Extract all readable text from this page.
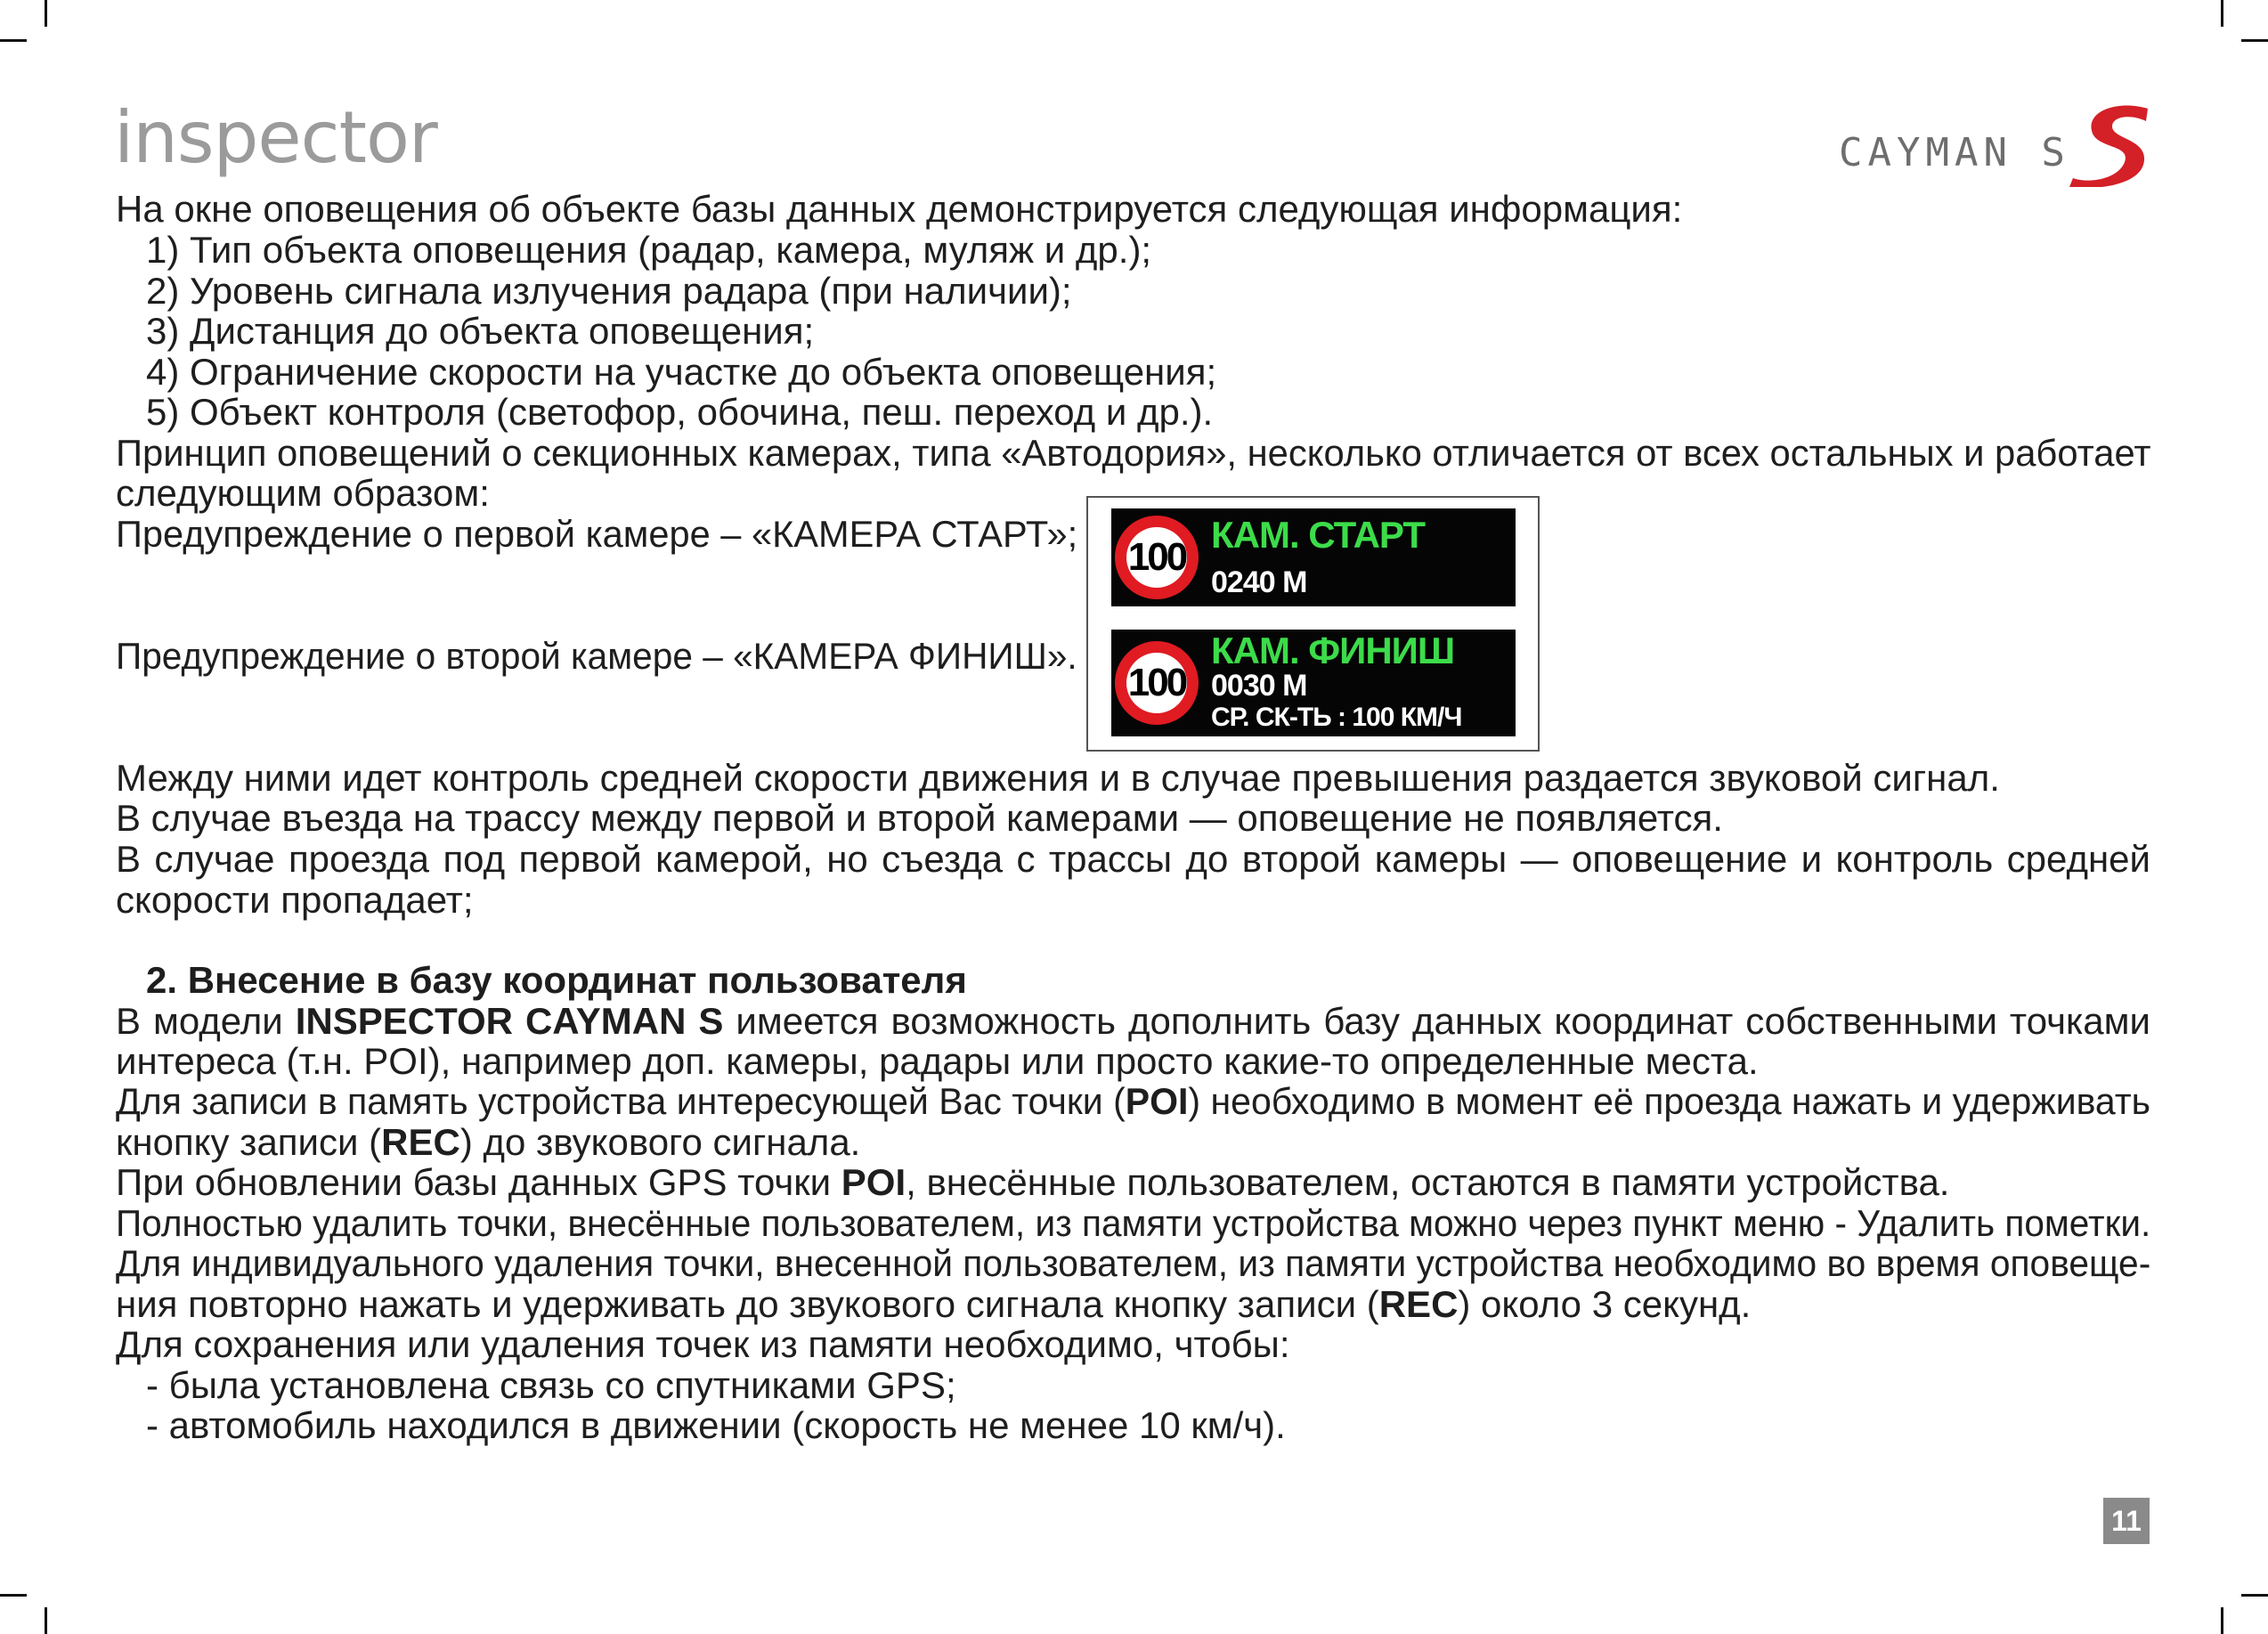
inspector	CAYMAN S
На окне оповещения об объекте базы данных демонстрируется следующая информация:
1) Тип объекта оповещения (радар, камера, муляж и др.);
2) Уровень сигнала излучения радара (при наличии);
3) Дистанция до объекта оповещения;
4) Ограничение скорости на участке до объекта оповещения;
5) Объект контроля (светофор, обочина, пеш. переход и др.).
Принцип оповещений о секционных камерах, типа «Автодория», несколько отличается от всех остальных и работает
следующим образом:
Предупреждение о первой камере – «КАМЕРА СТАРТ»;
Предупреждение о второй камере – «КАМЕРА ФИНИШ».
100
КАМ. СТАРТ
0240 М
100
КАМ. ФИНИШ
0030 М
СР. СК-ТЬ : 100 КМ/Ч
Между ними идет контроль средней скорости движения и в случае превышения раздается звуковой сигнал.
В случае въезда на трассу между первой и второй камерами — оповещение не появляется.
В случае проезда под первой камерой, но съезда с трассы до второй камеры — оповещение и контроль средней
скорости пропадает;
2. Внесение в базу координат пользователя
В модели INSPECTOR CAYMAN S имеется возможность дополнить базу данных координат собственными точками
интереса (т.н. POI), например доп. камеры, радары или просто какие-то определенные места.
Для записи в память устройства интересующей Вас точки (POI) необходимо в момент её проезда нажать и удерживать
кнопку записи (REC) до звукового сигнала.
При обновлении базы данных GPS точки POI, внесённые пользователем, остаются в памяти устройства.
Полностью удалить точки, внесённые пользователем, из памяти устройства можно через пункт меню - Удалить пометки.
Для индивидуального удаления точки, внесенной пользователем, из памяти устройства необходимо во время оповеще-
ния повторно нажать и удерживать до звукового сигнала кнопку записи (REC) около 3 секунд.
Для сохранения или удаления точек из памяти необходимо, чтобы:
- была установлена связь со спутниками GPS;
- автомобиль находился в движении (скорость не менее 10 км/ч).
11
